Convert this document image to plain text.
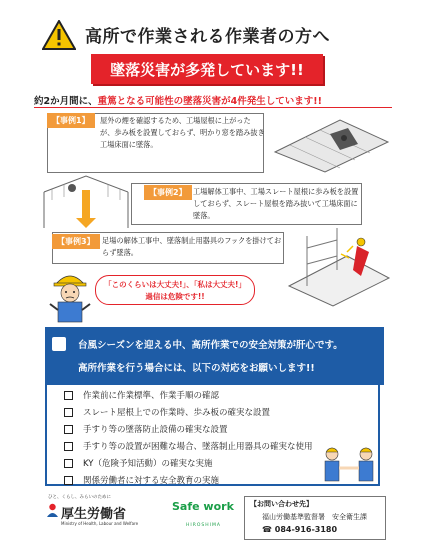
高所で作業される作業者の方へ
墜落災害が多発しています!!
約2か月間に、重篤となる可能性の墜落災害が4件発生しています!!
【事例1】	屋外の煙を確認するため、工場屋根に上がったが、歩み板を設置しておらず、明かり窓を踏み抜き工場床面に墜落。
【事例2】 工場解体工事中、工場スレート屋根に歩み板を設置しておらず、スレート屋根を踏み抜いて工場床面に墜落。
【事例3】	足場の解体工事中、墜落制止用器具のフックを掛けておらず墜落。
「このくらいは大丈夫!」、「私は大丈夫!」
過信は危険です!!
台風シーズンを迎える中、高所作業での安全対策が肝心です。
高所作業を行う場合には、以下の対応をお願いします!!
作業前に作業標準、作業手順の確認
スレート屋根上での作業時、歩み板の確実な設置
手すり等の墜落防止設備の確実な設置
手すり等の設置が困難な場合、墜落制止用器具の確実な使用
KY（危険予知活動）の確実な実施
関係労働者に対する安全教育の実施
ひと、くらし、みらいのために
厚生労働省
Ministry of Health, Labour and Welfare
Safe work
HIROSHIMA
【お問い合わせ先】
福山労働基準監督署　安全衛生課
☎ 084-916-3180
